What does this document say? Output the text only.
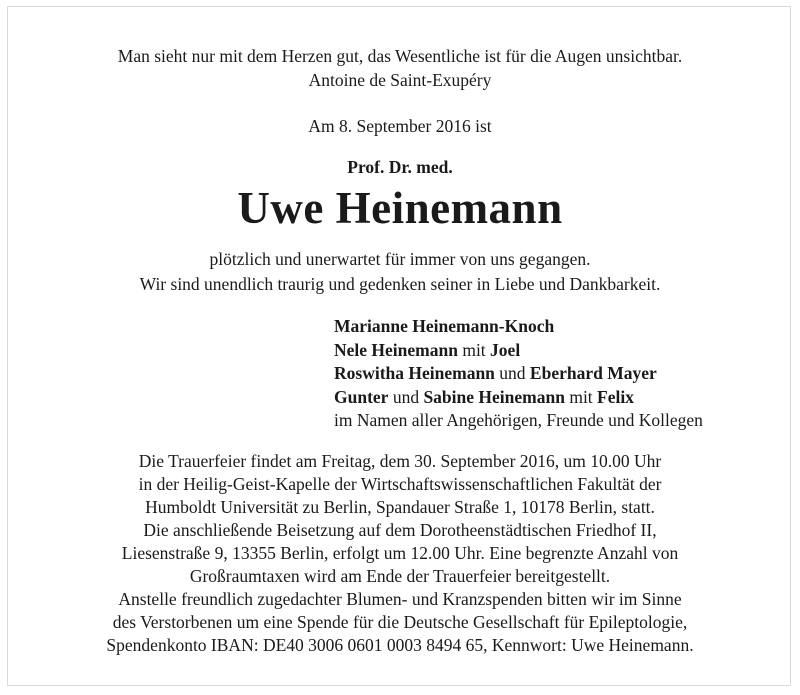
Man sieht nur mit dem Herzen gut, das Wesentliche ist für die Augen unsichtbar.
Antoine de Saint-Exupéry
Am 8. September 2016 ist
Prof. Dr. med.
Uwe Heinemann
plötzlich und unerwartet für immer von uns gegangen.
Wir sind unendlich traurig und gedenken seiner in Liebe und Dankbarkeit.
Marianne Heinemann-Knoch
Nele Heinemann mit Joel
Roswitha Heinemann und Eberhard Mayer
Gunter und Sabine Heinemann mit Felix
im Namen aller Angehörigen, Freunde und Kollegen
Die Trauerfeier findet am Freitag, dem 30. September 2016, um 10.00 Uhr
in der Heilig-Geist-Kapelle der Wirtschaftswissenschaftlichen Fakultät der
Humboldt Universität zu Berlin, Spandauer Straße 1, 10178 Berlin, statt.
Die anschließende Beisetzung auf dem Dorotheenstädtischen Friedhof II,
Liesenstraße 9, 13355 Berlin, erfolgt um 12.00 Uhr. Eine begrenzte Anzahl von
Großraumtaxen wird am Ende der Trauerfeier bereitgestellt.
Anstelle freundlich zugedachter Blumen- und Kranzspenden bitten wir im Sinne
des Verstorbenen um eine Spende für die Deutsche Gesellschaft für Epileptologie,
Spendenkonto IBAN: DE40 3006 0601 0003 8494 65, Kennwort: Uwe Heinemann.
